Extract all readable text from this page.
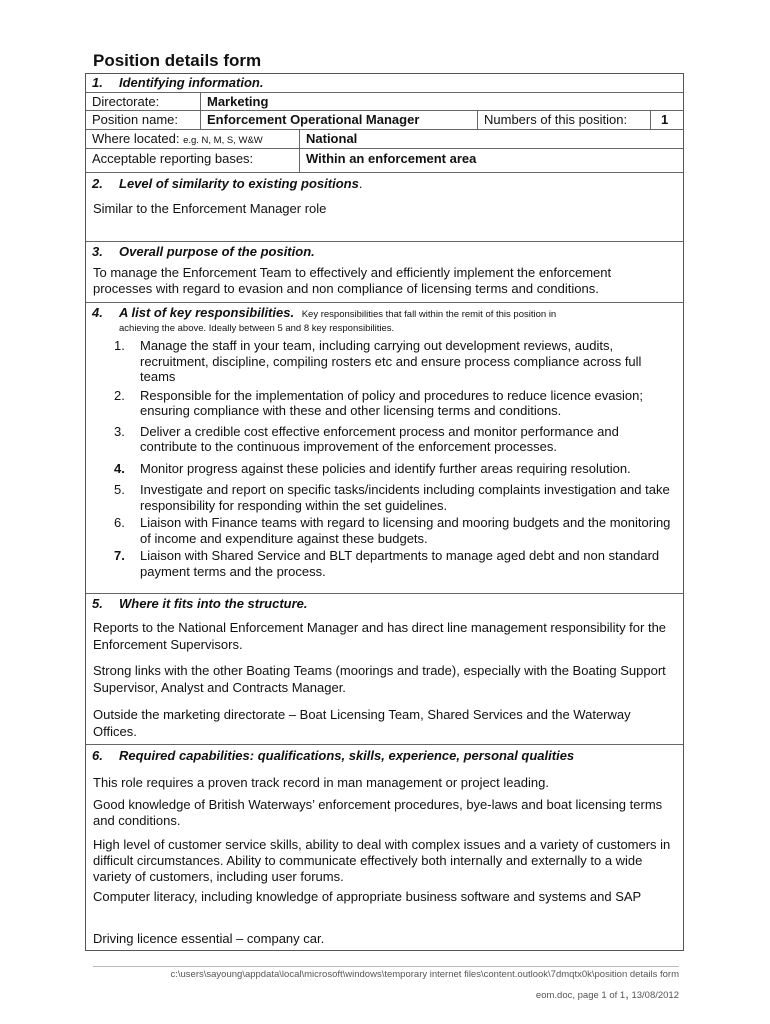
Position details form
1. Identifying information.
Directorate:	Marketing
Position name: Enforcement Operational Manager	Numbers of this position:	1
Where located: e.g. N, M, S, W&W	National
Acceptable reporting bases:	Within an enforcement area
2. Level of similarity to existing positions.
Similar to the Enforcement Manager role
3. Overall purpose of the position.
To manage the Enforcement Team to effectively and efficiently implement the enforcement processes with regard to evasion and non compliance of licensing terms and conditions.
4. A list of key responsibilities. Key responsibilities that fall within the remit of this position in
achieving the above. Ideally between 5 and 8 key responsibilities.
1. Manage the staff in your team, including carrying out development reviews, audits, recruitment, discipline, compiling rosters etc and ensure process compliance across full teams
2. Responsible for the implementation of policy and procedures to reduce licence evasion; ensuring compliance with these and other licensing terms and conditions.
3. Deliver a credible cost effective enforcement process and monitor performance and contribute to the continuous improvement of the enforcement processes.
4. Monitor progress against these policies and identify further areas requiring resolution.
5. Investigate and report on specific tasks/incidents including complaints investigation and take responsibility for responding within the set guidelines.
6. Liaison with Finance teams with regard to licensing and mooring budgets and the monitoring of income and expenditure against these budgets.
7. Liaison with Shared Service and BLT departments to manage aged debt and non standard payment terms and the process.
5. Where it fits into the structure.
Reports to the National Enforcement Manager and has direct line management responsibility for the Enforcement Supervisors.
Strong links with the other Boating Teams (moorings and trade), especially with the Boating Support Supervisor, Analyst and Contracts Manager.
Outside the marketing directorate – Boat Licensing Team, Shared Services and the Waterway Offices.
6. Required capabilities: qualifications, skills, experience, personal qualities
This role requires a proven track record in man management or project leading.
Good knowledge of British Waterways’ enforcement procedures, bye-laws and boat licensing terms and conditions.
High level of customer service skills, ability to deal with complex issues and a variety of customers in difficult circumstances. Ability to communicate effectively both internally and externally to a wide variety of customers, including user forums.
Computer literacy, including knowledge of appropriate business software and systems and SAP
Driving licence essential – company car.
c:\users\sayoung\appdata\local\microsoft\windows\temporary internet files\content.outlook\7dmqtx0k\position details form
eom.doc, page 1 of 1, 13/08/2012
